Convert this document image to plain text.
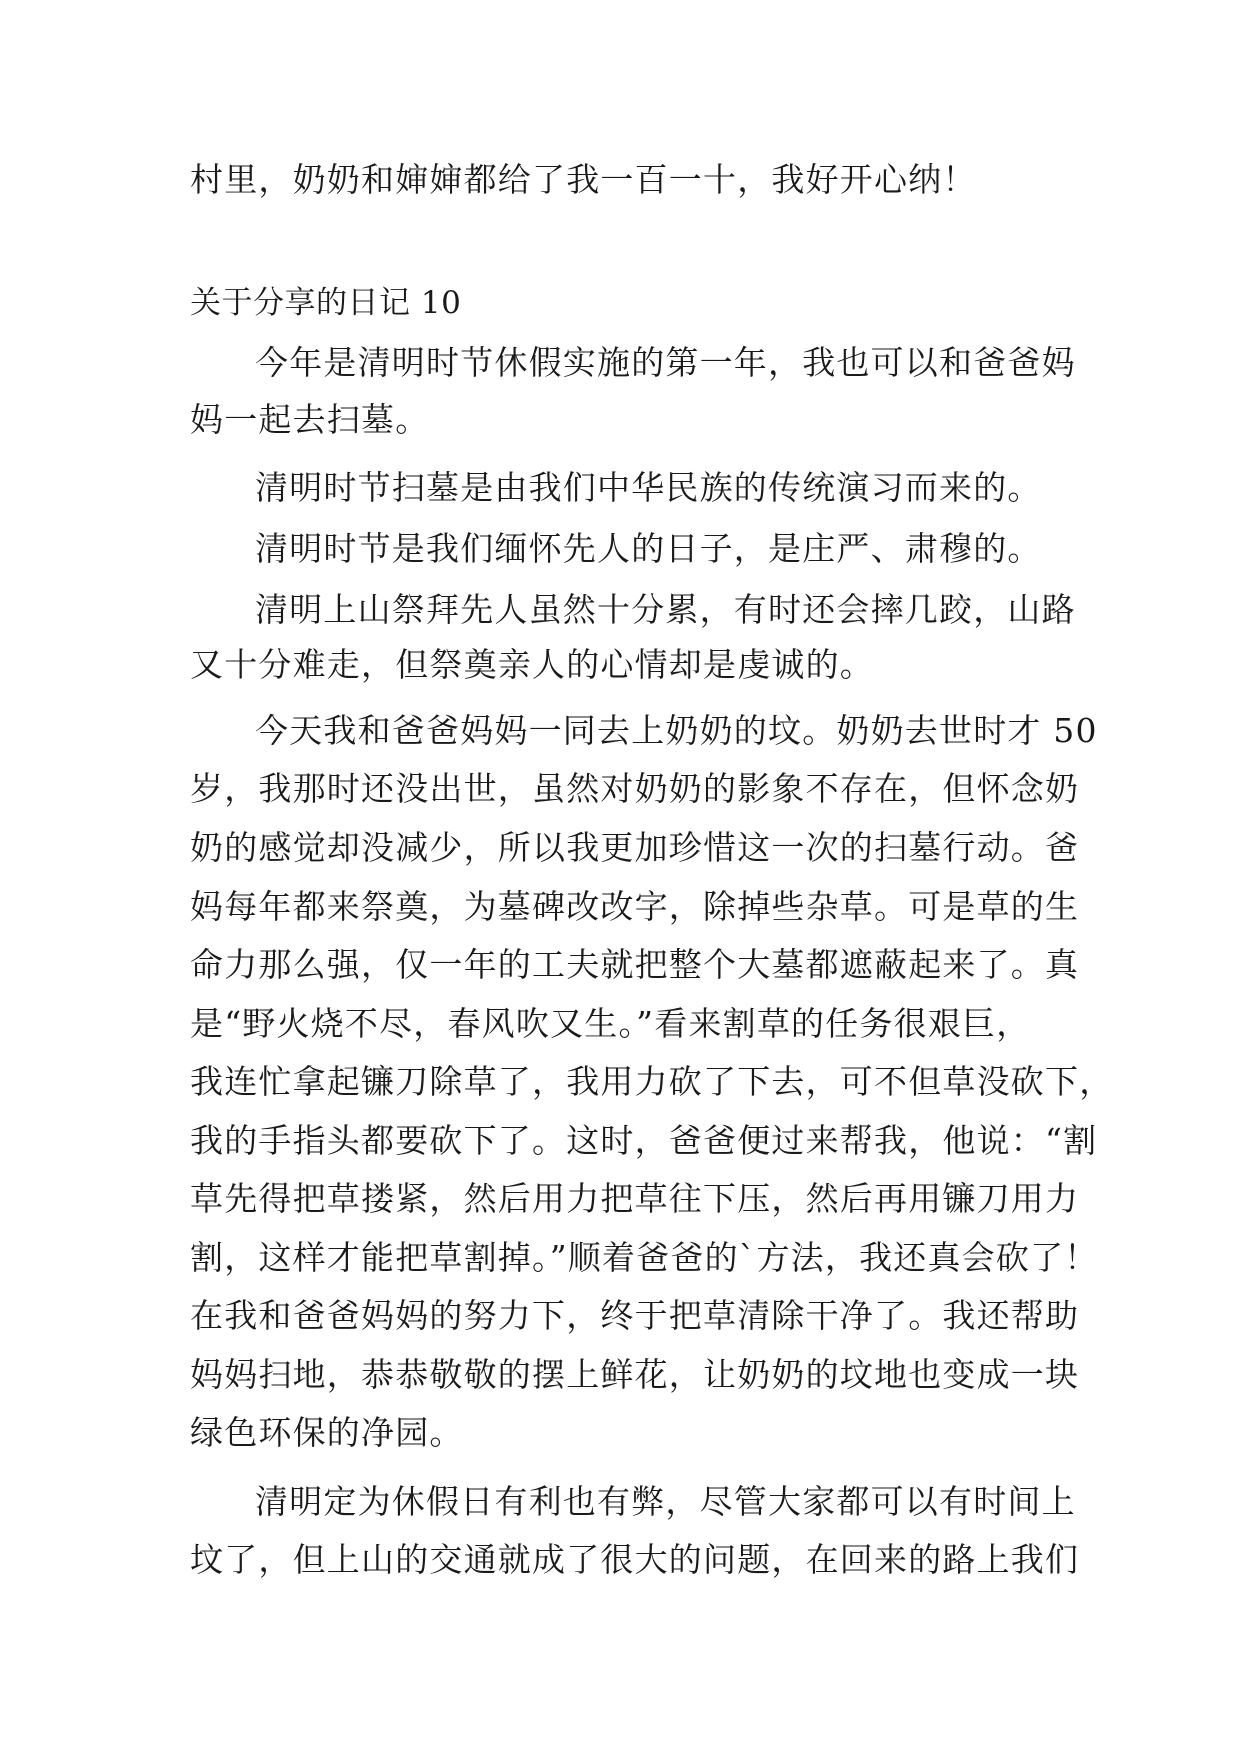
村里，奶奶和婶婶都给了我一百一十，我好开心纳！
关于分享的日记 10
今年是清明时节休假实施的第一年，我也可以和爸爸妈
妈一起去扫墓。
清明时节扫墓是由我们中华民族的传统演习而来的。
清明时节是我们缅怀先人的日子，是庄严、肃穆的。
清明上山祭拜先人虽然十分累，有时还会摔几跤，山路
又十分难走，但祭奠亲人的心情却是虔诚的。
今天我和爸爸妈妈一同去上奶奶的坟。奶奶去世时才 50
岁，我那时还没出世，虽然对奶奶的影象不存在，但怀念奶
奶的感觉却没减少，所以我更加珍惜这一次的扫墓行动。爸
妈每年都来祭奠，为墓碑改改字，除掉些杂草。可是草的生
命力那么强，仅一年的工夫就把整个大墓都遮蔽起来了。真
是“野火烧不尽，春风吹又生。”看来割草的任务很艰巨，
我连忙拿起镰刀除草了，我用力砍了下去，可不但草没砍下，
我的手指头都要砍下了。这时，爸爸便过来帮我，他说：“割
草先得把草搂紧，然后用力把草往下压，然后再用镰刀用力
割，这样才能把草割掉。”顺着爸爸的`方法，我还真会砍了！
在我和爸爸妈妈的努力下，终于把草清除干净了。我还帮助
妈妈扫地，恭恭敬敬的摆上鲜花，让奶奶的坟地也变成一块
绿色环保的净园。
清明定为休假日有利也有弊，尽管大家都可以有时间上
坟了，但上山的交通就成了很大的问题，在回来的路上我们
